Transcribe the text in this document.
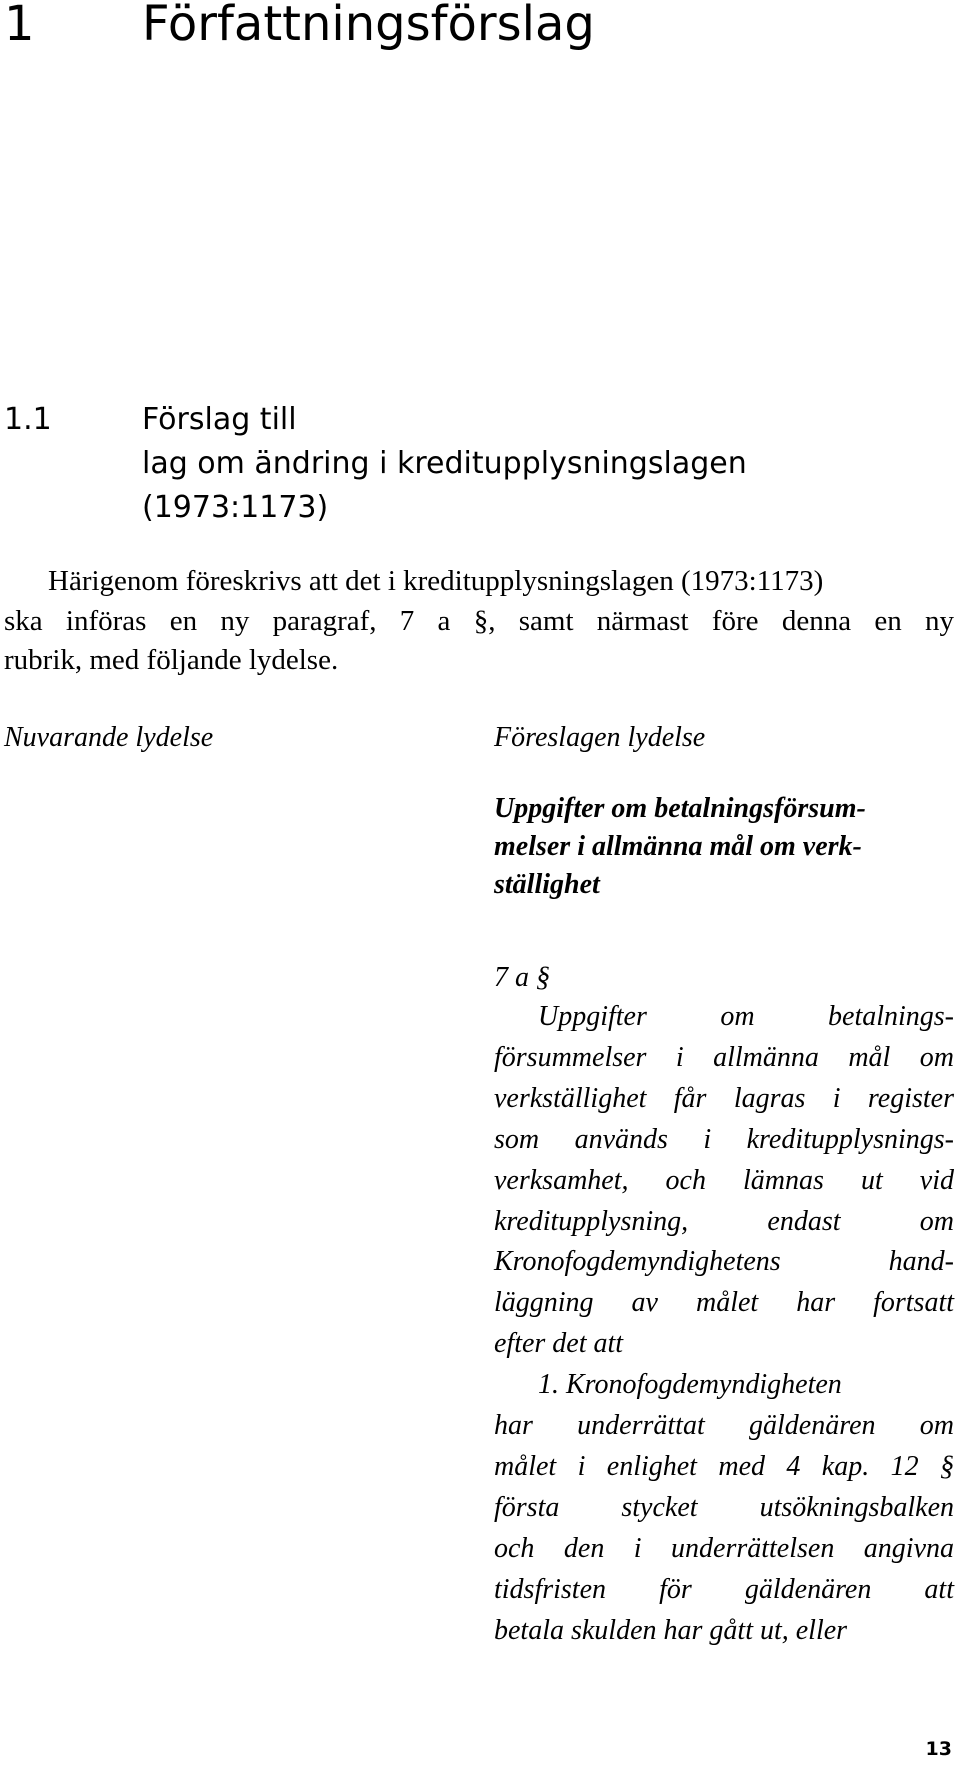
1 Författningsförslag
1.1	Förslag till
lag om ändring i kreditupplysningslagen
(1973:1173)
Härigenom föreskrivs att det i kreditupplysningslagen (1973:1173)
ska införas en ny paragraf, 7 a §, samt närmast före denna en ny
rubrik, med följande lydelse.
Nuvarande lydelse	Föreslagen lydelse
Uppgifter om betalningsförsum-
melser i allmänna mål om verk-
ställighet
7 a §
Uppgifter om betalnings-
försummelser i allmänna mål om
verkställighet får lagras i register
som används i kreditupplysnings-
verksamhet, och lämnas ut vid
kreditupplysning, endast om
Kronofogdemyndighetens hand-
läggning av målet har fortsatt
efter det att
1. Kronofogdemyndigheten
har underrättat gäldenären om
målet i enlighet med 4 kap. 12 §
första stycket utsökningsbalken
och den i underrättelsen angivna
tidsfristen för gäldenären att
betala skulden har gått ut, eller
13
